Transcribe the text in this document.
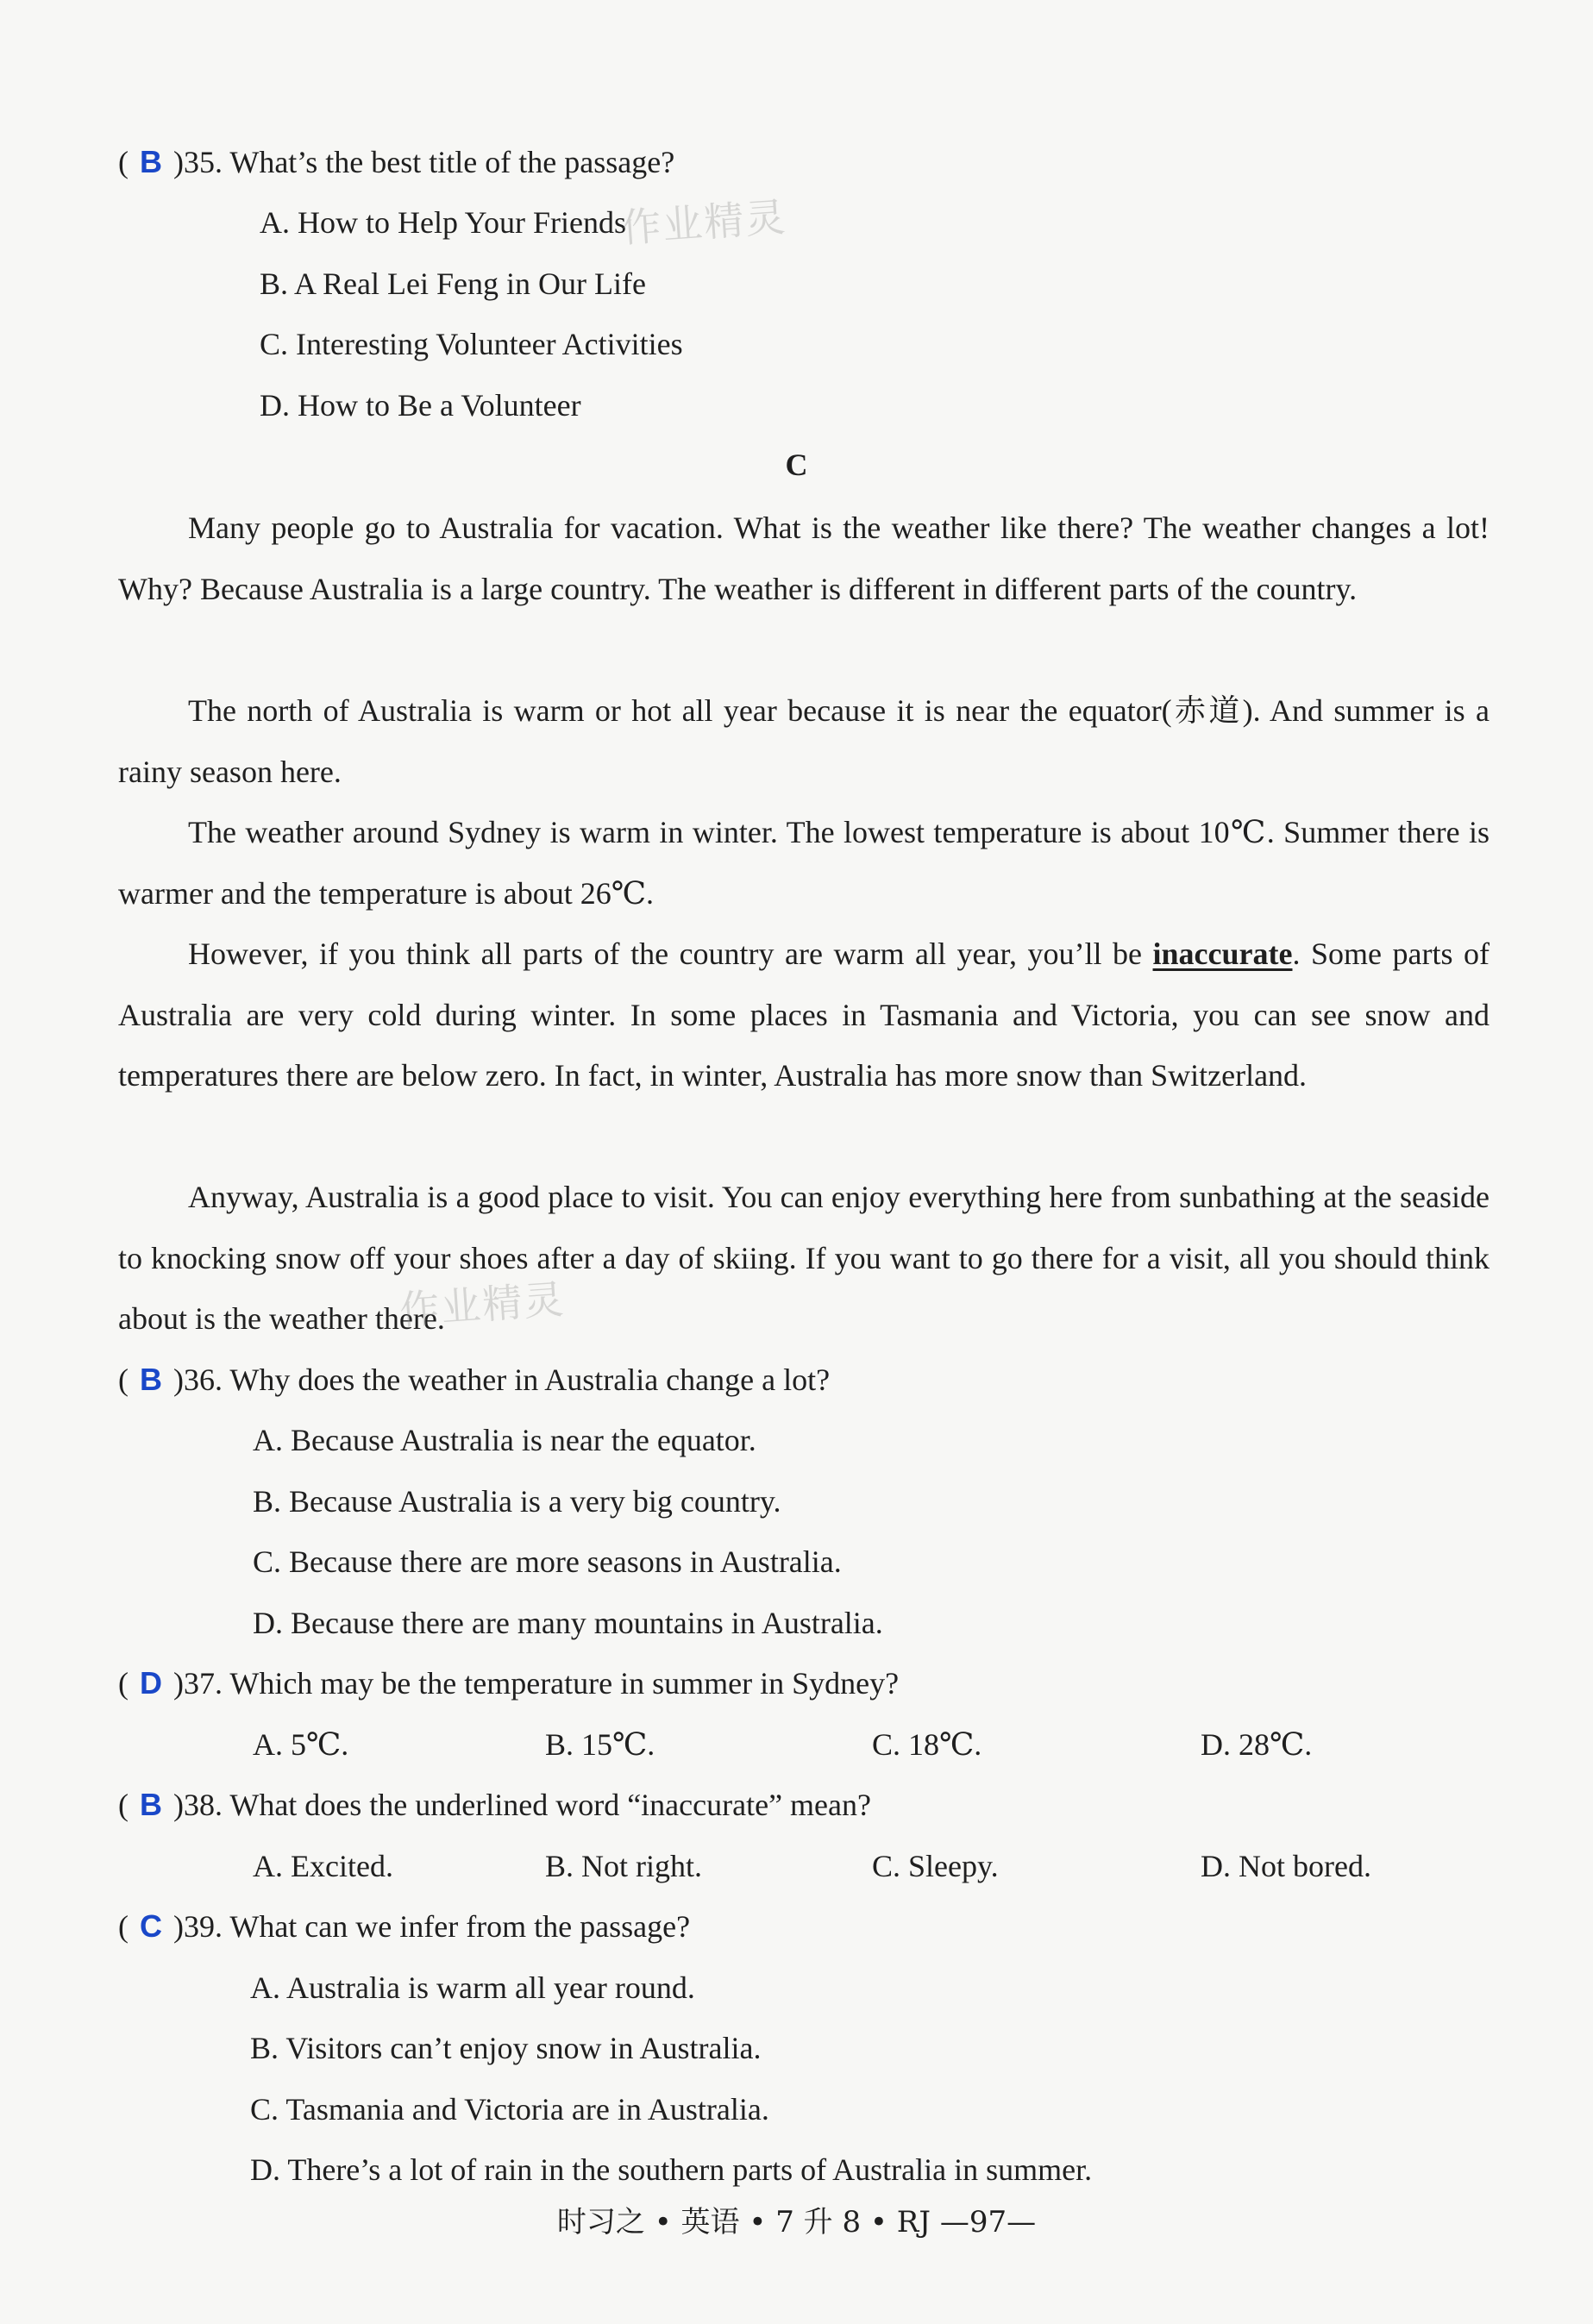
( B )35. What’s the best title of the passage?
A. How to Help Your Friends
B. A Real Lei Feng in Our Life
C. Interesting Volunteer Activities
D. How to Be a Volunteer
C
Many people go to Australia for vacation. What is the weather like there? The weather changes a lot! Why? Because Australia is a large country. The weather is different in different parts of the country.
The north of Australia is warm or hot all year because it is near the equator(赤道). And summer is a rainy season here.
The weather around Sydney is warm in winter. The lowest temperature is about 10℃. Summer there is warmer and the temperature is about 26℃.
However, if you think all parts of the country are warm all year, you’ll be inaccurate. Some parts of Australia are very cold during winter. In some places in Tasmania and Victoria, you can see snow and temperatures there are below zero. In fact, in winter, Australia has more snow than Switzerland.
Anyway, Australia is a good place to visit. You can enjoy everything here from sunbathing at the seaside to knocking snow off your shoes after a day of skiing. If you want to go there for a visit, all you should think about is the weather there.
( B )36. Why does the weather in Australia change a lot?
A. Because Australia is near the equator.
B. Because Australia is a very big country.
C. Because there are more seasons in Australia.
D. Because there are many mountains in Australia.
( D )37. Which may be the temperature in summer in Sydney?
A. 5℃.	B. 15℃.	C. 18℃.	D. 28℃.
( B )38. What does the underlined word “inaccurate” mean?
A. Excited.	B. Not right.	C. Sleepy.	D. Not bored.
( C )39. What can we infer from the passage?
A. Australia is warm all year round.
B. Visitors can’t enjoy snow in Australia.
C. Tasmania and Victoria are in Australia.
D. There’s a lot of rain in the southern parts of Australia in summer.
时习之 • 英语 • 7 升 8 • RJ —97—
作业精灵
作业精灵
